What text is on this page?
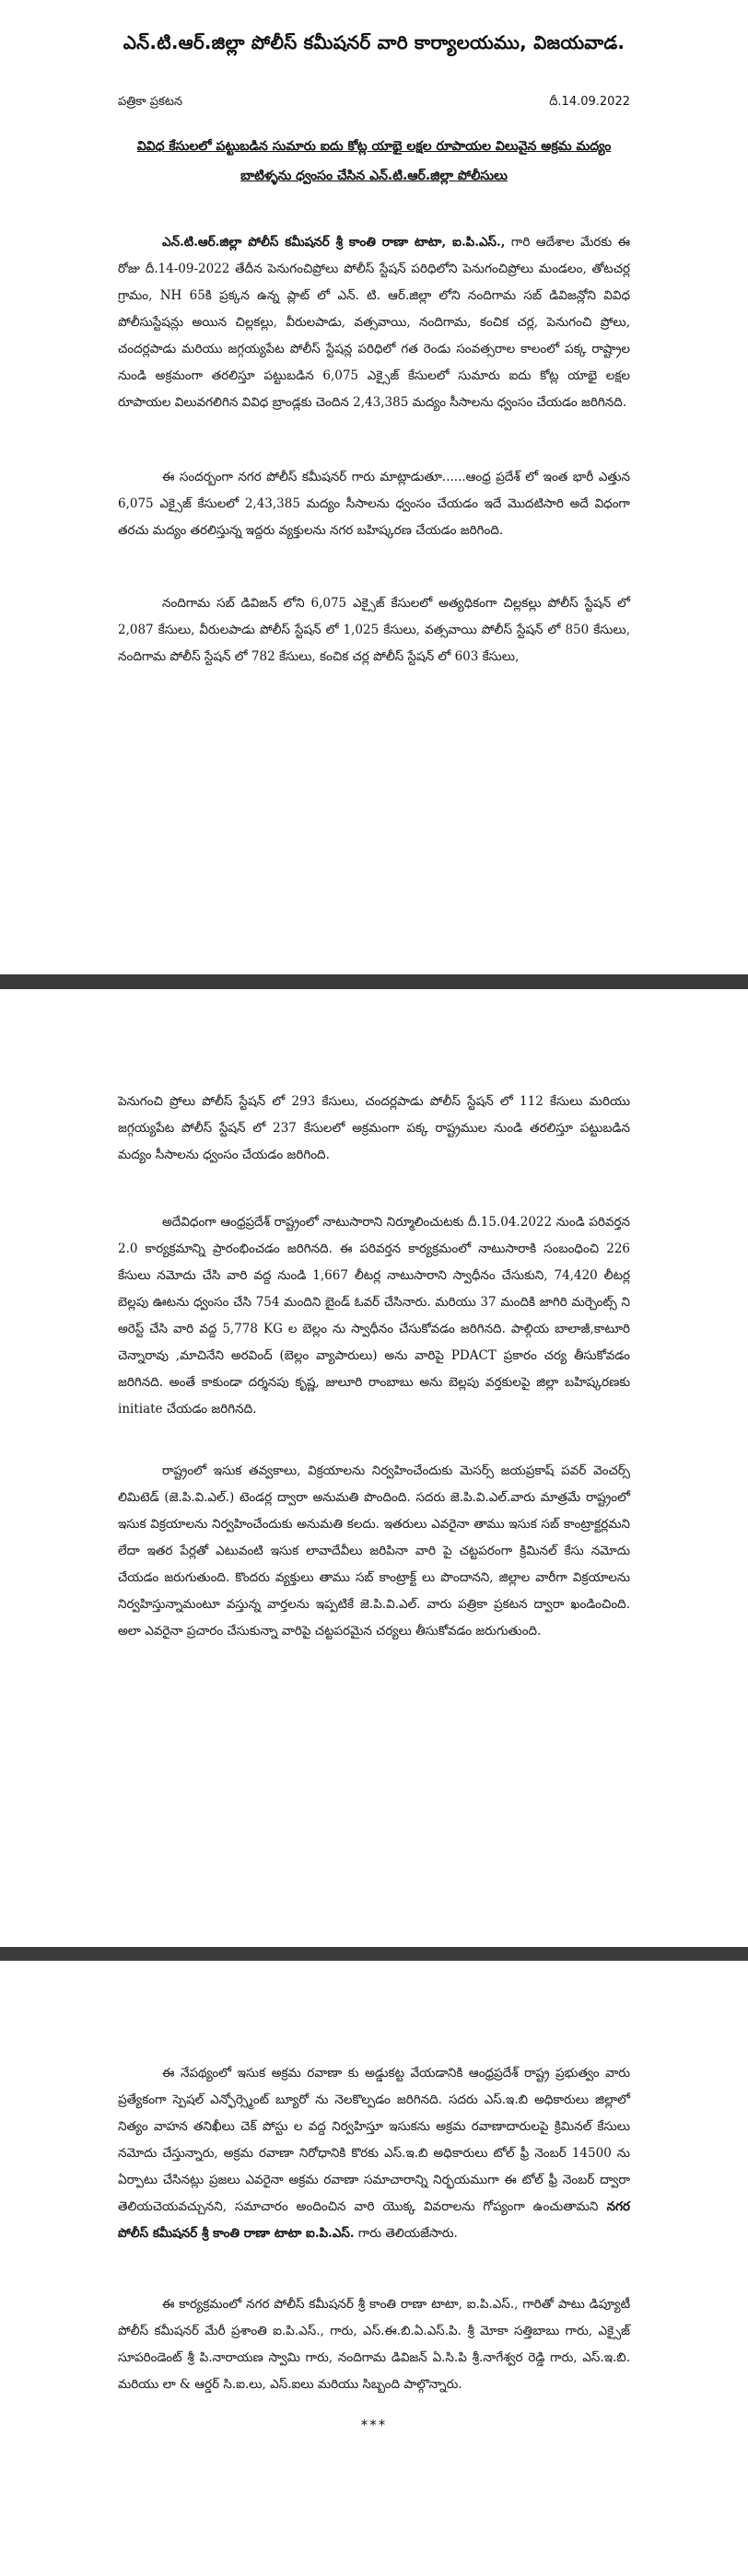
ఎన్.టి.ఆర్.జిల్లా పోలీస్ కమీషనర్ వారి కార్యాలయము, విజయవాడ.
పత్రికా ప్రకటన	దీ.14.09.2022
వివిధ కేసులలో పట్టుబడిన సుమారు ఐదు కోట్ల యాభై లక్షల రూపాయల విలువైన అక్రమ మద్యం
బాటిళ్ళను ధ్వంసం చేసిన ఎన్.టి.ఆర్.జిల్లా పోలీసులు

ఎన్.టి.ఆర్.జిల్లా పోలీస్ కమీషనర్ శ్రీ కాంతి రాణా టాటా, ఐ.పి.ఎస్., గారి ఆదేశాల మేరకు ఈ రోజు దీ.14-09-2022 తేదీన పెనుగంచిప్రోలు పోలీస్ స్టేషన్ పరిధిలోని పెనుగంచిప్రోలు మండలం, తోటచర్ల గ్రామం, NH 65కి ప్రక్కన ఉన్న ప్లాట్ లో ఎన్. టి. ఆర్.జిల్లా లోని నందిగామ సబ్ డివిజన్లోని వివిధ పోలీసుస్టేషన్లు అయిన చిల్లకల్లు, వీరులపాడు, వత్సవాయి, నందిగామ, కంచిక చర్ల, పెనుగంచి ప్రోలు, చందర్లపాడు మరియు జగ్గయ్యపేట పోలీస్ స్టేషన్ల పరిధిలో గత రెండు సంవత్సరాల కాలంలో పక్క రాష్ట్రాల నుండి అక్రమంగా తరలిస్తూ పట్టుబడిన 6,075 ఎక్సైజ్ కేసులలో సుమారు ఐదు కోట్ల యాభై లక్షల రూపాయల విలువగలిగిన వివిధ బ్రాండ్లకు చెందిన 2,43,385 మద్యం సీసాలను ధ్వంసం చేయడం జరిగినది.

ఈ సందర్బంగా నగర పోలీస్ కమీషనర్ గారు మాట్లాడుతూ......ఆంధ్ర ప్రదేశ్ లో ఇంత భారీ ఎత్తున 6,075 ఎక్సైజ్ కేసులలో 2,43,385 మద్యం సీసాలను ధ్వంసం చేయడం ఇదే మొదటిసారి అదే విధంగా తరచు మద్యం తరలిస్తున్న ఇద్దరు వ్యక్తులను నగర బహిష్కరణ చేయడం జరిగింది.

నందిగామ సబ్ డివిజన్ లోని 6,075 ఎక్సైజ్ కేసులలో అత్యధికంగా చిల్లకల్లు పోలీస్ స్టేషన్ లో 2,087 కేసులు, వీరులపాడు పోలీస్ స్టేషన్ లో 1,025 కేసులు, వత్సవాయి పోలీస్ స్టేషన్ లో 850 కేసులు, నందిగామ పోలీస్ స్టేషన్ లో 782 కేసులు, కంచిక చర్ల పోలీస్ స్టేషన్ లో 603 కేసులు,

పెనుగంచి ప్రోలు పోలీస్ స్టేషన్ లో 293 కేసులు, చందర్లపాడు పోలీస్ స్టేషన్ లో 112 కేసులు మరియు జగ్గయ్యపేట పోలీస్ స్టేషన్ లో 237 కేసులలో అక్రమంగా పక్క రాష్ట్రముల నుండి తరలిస్తూ పట్టుబడిన మద్యం సీసాలను ధ్వంసం చేయడం జరిగింది.

అదేవిధంగా ఆంధ్రప్రదేశ్ రాష్ట్రంలో నాటుసారాని నిర్మూలించుటకు దీ.15.04.2022 నుండి పరివర్తన 2.0 కార్యక్రమాన్ని ప్రారంభించడం జరిగినది. ఈ పరివర్తన కార్యక్రమంలో నాటుసారాకి సంబంధించి 226 కేసులు నమోదు చేసి వారి వద్ద నుండి 1,667 లీటర్ల నాటుసారాని స్వాధీనం చేసుకుని, 74,420 లీటర్ల బెల్లపు ఊటను ధ్వంసం చేసి 754 మందిని బైండ్ ఓవర్ చేసినారు. మరియు 37 మందికి జాగిరి మర్చెంట్స్ ని అరెస్ట్ చేసి వారి వద్ద 5,778 KG ల బెల్లం ను స్వాధీనం చేసుకోవడం జరిగినది. పాల్గియ బాలాజీ,కాటూరి చెన్నారావు ,మాచినేని అరవింద్ (బెల్లం వ్యాపారులు) అను వారిపై PDACT ప్రకారం చర్య తీసుకోవడం జరిగినది. అంతే కాకుండా దర్శనపు కృష్ణ, జులూరి రాంబాబు అను బెల్లపు వర్తకులపై జిల్లా బహిష్కరణకు initiate చేయడం జరిగినది.

రాష్ట్రంలో ఇసుక తవ్వకాలు, విక్రయాలను నిర్వహించేందుకు మెసర్స్ జయప్రకాష్ పవర్ వెంచర్స్ లిమిటెడ్ (జె.పి.వి.ఎల్.) టెండర్ల ద్వారా అనుమతి పొందింది. సదరు జె.పి.వి.ఎల్.వారు మాత్రమే రాష్ట్రంలో ఇసుక విక్రయాలను నిర్వహించేందుకు అనుమతి కలదు. ఇతరులు ఎవరైనా తాము ఇసుక సబ్ కాంట్రాక్టర్లమని లేదా ఇతర పేర్లతో ఎటువంటి ఇసుక లావాదేవీలు జరిపినా వారి పై చట్టపరంగా క్రిమినల్ కేసు నమోదు చేయడం జరుగుతుంది. కొందరు వ్యక్తులు తాము సబ్ కాంట్రాక్ట్ లు పొందానని, జిల్లాల వారీగా విక్రయాలను నిర్వహిస్తున్నామంటూ వస్తున్న వార్తలను ఇప్పటికే జె.పి.వి.ఎల్. వారు పత్రికా ప్రకటన ద్వారా ఖండించింది. అలా ఎవరైనా ప్రచారం చేసుకున్నా వారిపై చట్టపరమైన చర్యలు తీసుకోవడం జరుగుతుంది.

ఈ నేపథ్యంలో ఇసుక అక్రమ రవాణా కు అడ్డుకట్ట వేయడానికి ఆంధ్రప్రదేశ్ రాష్ట్ర ప్రభుత్వం వారు ప్రత్యేకంగా స్పెషల్ ఎన్ఫోర్స్మెంట్ బ్యూరో ను నెలకొల్పడం జరిగినది. సదరు ఎస్.ఇ.బి అధికారులు జిల్లాలో నిత్యం వాహన తనిఖీలు చెక్ పోస్టు ల వద్ద నిర్వహిస్తూ ఇసుకను అక్రమ రవాణాదారులపై క్రిమినల్ కేసులు నమోదు చేస్తున్నారు, అక్రమ రవాణా నిరోధానికి కొరకు ఎస్.ఇ.బి అధికారులు టోల్ ఫ్రీ నెంబర్ 14500 ను ఏర్పాటు చేసినట్లు ప్రజలు ఎవరైనా అక్రమ రవాణా సమాచారాన్ని నిర్భయముగా ఈ టోల్ ఫ్రీ నెంబర్ ద్వారా తెలియచెయవచ్చునని, సమాచారం అందించిన వారి యొక్క వివరాలను గోప్యంగా ఉంచుతామని నగర పోలీస్ కమీషనర్ శ్రీ కాంతి రాణా టాటా ఐ.పి.ఎస్. గారు తెలియజేసారు.

ఈ కార్యక్రమంలో నగర పోలీస్ కమీషనర్ శ్రీ కాంతి రాణా టాటా, ఐ.పి.ఎస్., గారితో పాటు డిప్యూటీ పోలీస్ కమీషనర్ మేరీ ప్రశాంతి ఐ.పి.ఎస్., గారు, ఎస్.ఈ.బి.ఏ.ఎస్.పి. శ్రీ మోకా సత్తిబాబు గారు, ఎక్సైజ్ సూపరిండెంట్ శ్రీ పి.నారాయణ స్వామి గారు, నందిగామ డివిజన్ ఏ.సి.పి శ్రీ.నాగేశ్వర రెడ్డి గారు, ఎస్.ఇ.బి. మరియు లా & ఆర్డర్ సి.ఐ.లు, ఎస్.ఐలు మరియు సిబ్బంది పాల్గొన్నారు.

***
